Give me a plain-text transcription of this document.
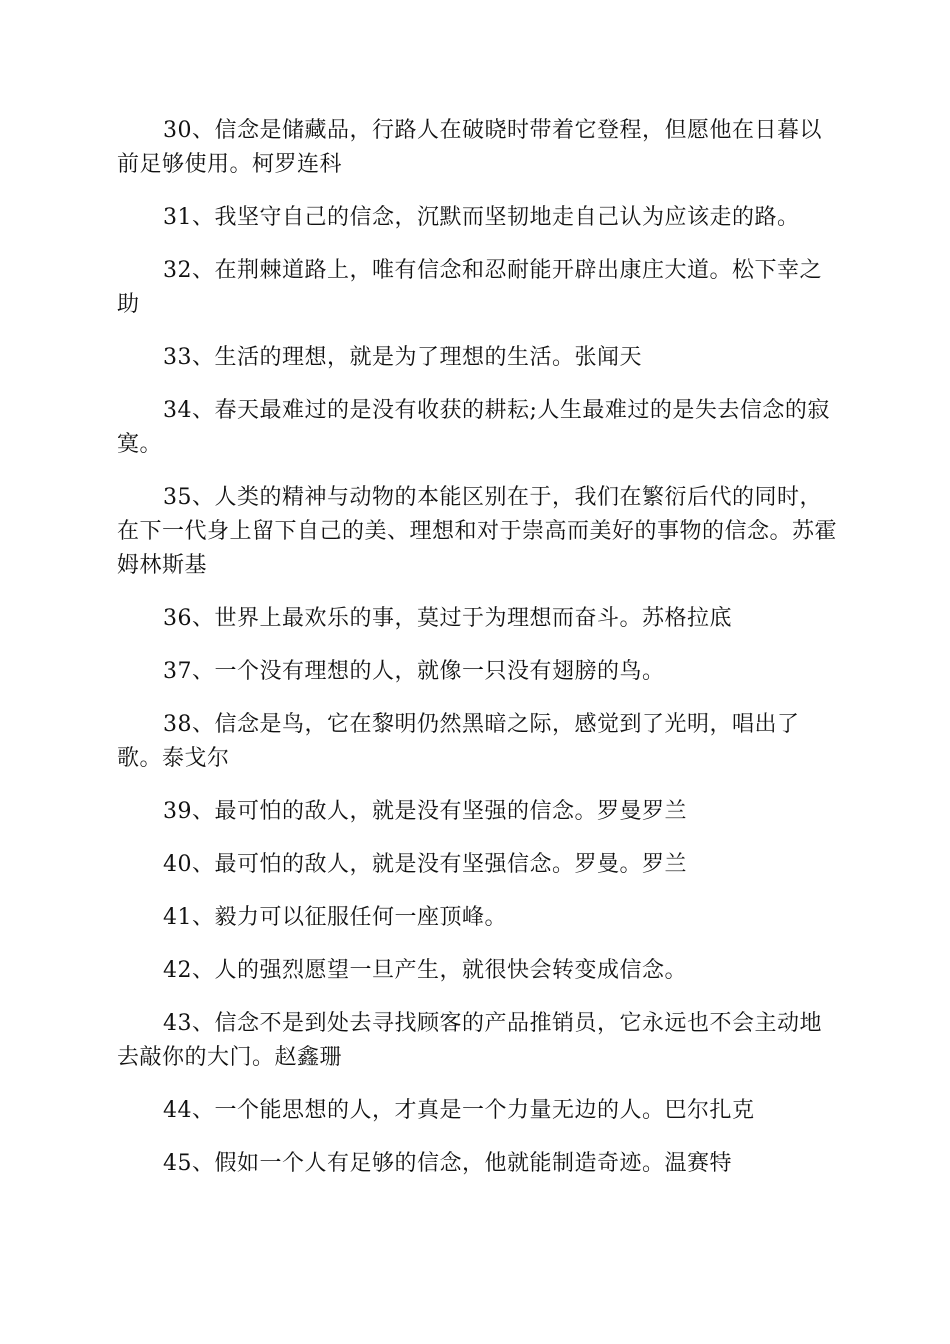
30、信念是储藏品，行路人在破晓时带着它登程，但愿他在日暮以前足够使用。柯罗连科

31、我坚守自己的信念，沉默而坚韧地走自己认为应该走的路。

32、在荆棘道路上，唯有信念和忍耐能开辟出康庄大道。松下幸之助

33、生活的理想，就是为了理想的生活。张闻天

34、春天最难过的是没有收获的耕耘;人生最难过的是失去信念的寂寞。

35、人类的精神与动物的本能区别在于，我们在繁衍后代的同时，在下一代身上留下自己的美、理想和对于崇高而美好的事物的信念。苏霍姆林斯基

36、世界上最欢乐的事，莫过于为理想而奋斗。苏格拉底

37、一个没有理想的人，就像一只没有翅膀的鸟。

38、信念是鸟，它在黎明仍然黑暗之际，感觉到了光明，唱出了歌。泰戈尔

39、最可怕的敌人，就是没有坚强的信念。罗曼罗兰

40、最可怕的敌人，就是没有坚强信念。罗曼。罗兰

41、毅力可以征服任何一座顶峰。

42、人的强烈愿望一旦产生，就很快会转变成信念。

43、信念不是到处去寻找顾客的产品推销员，它永远也不会主动地去敲你的大门。赵鑫珊

44、一个能思想的人，才真是一个力量无边的人。巴尔扎克

45、假如一个人有足够的信念，他就能制造奇迹。温赛特
